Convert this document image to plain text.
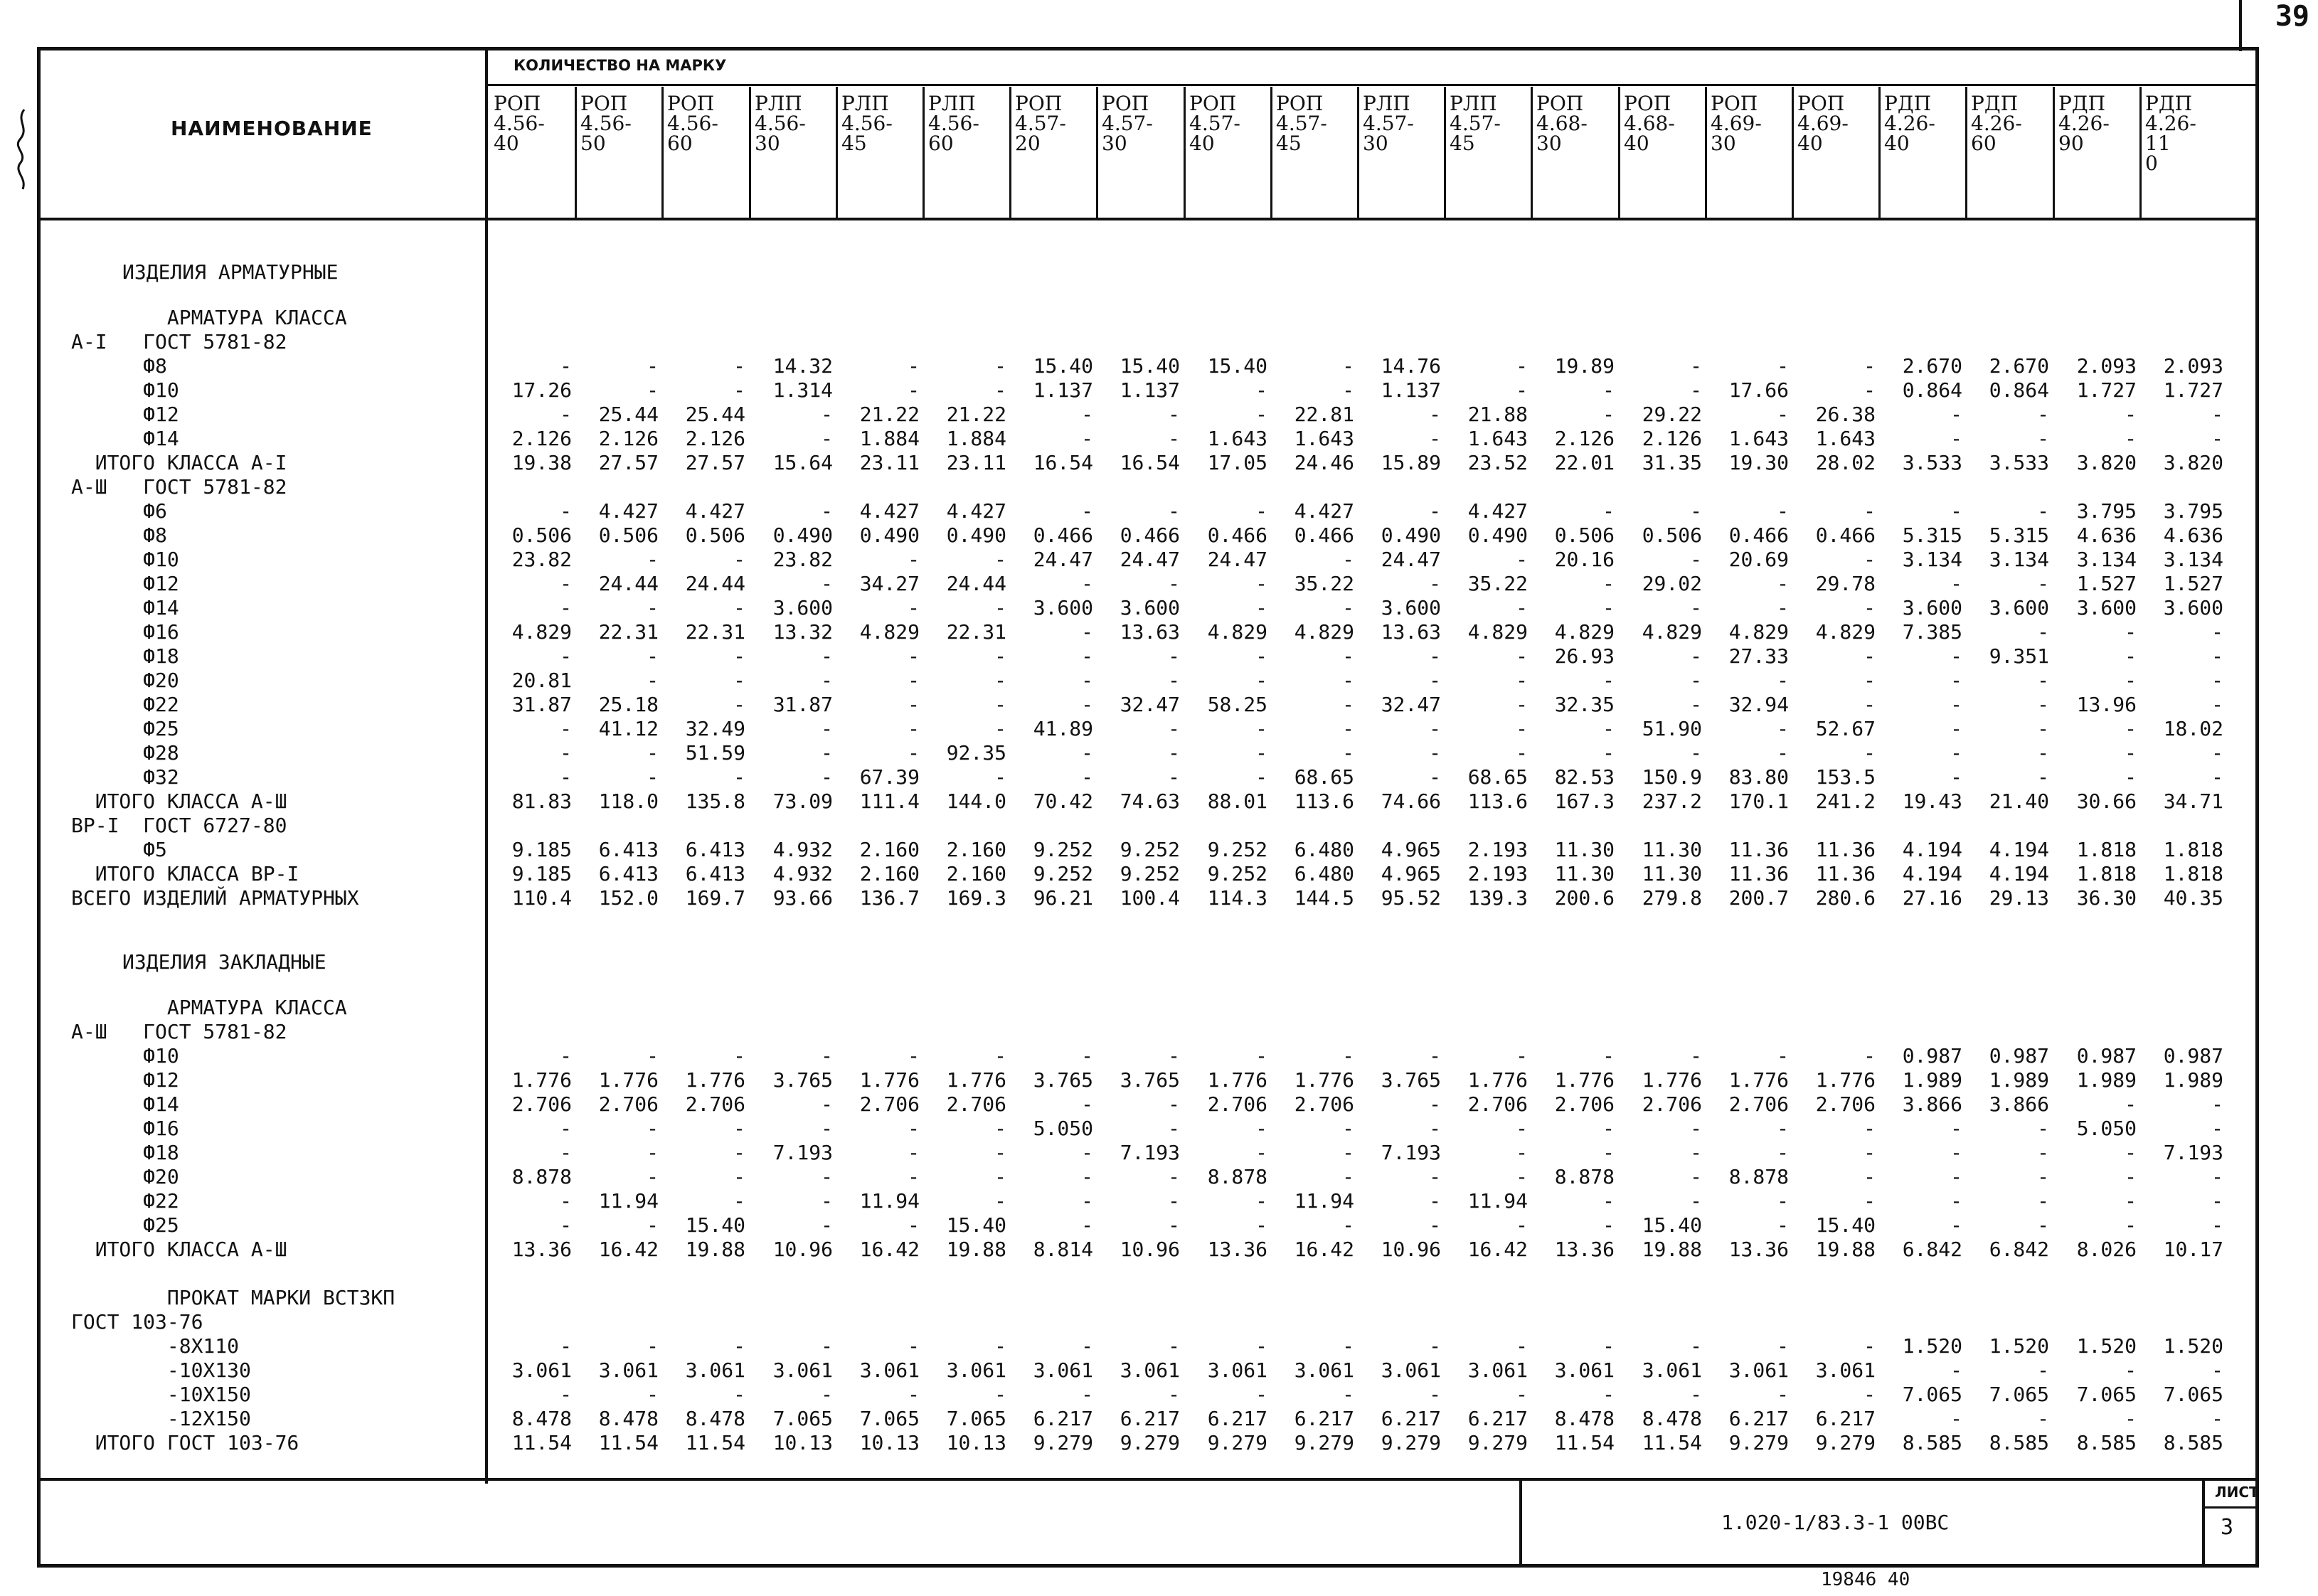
39
НАИМЕНОВАНИЕ
КОЛИЧЕСТВО НА МАРКУ
РОП
4.56-
40
РОП
4.56-
50
РОП
4.56-
60
РЛП
4.56-
30
РЛП
4.56-
45
РЛП
4.56-
60
РОП
4.57-
20
РОП
4.57-
30
РОП
4.57-
40
РОП
4.57-
45
РЛП
4.57-
30
РЛП
4.57-
45
РОП
4.68-
30
РОП
4.68-
40
РОП
4.69-
30
РОП
4.69-
40
РДП
4.26-
40
РДП
4.26-
60
РДП
4.26-
90
РДП
4.26-
11
0
ИЗДЕЛИЯ АРМАТУРНЫЕ
АРМАТУРА КЛАССА
А-I   ГОСТ 5781-82
Ф8	-	-	-	14.32	-	-	15.40	15.40	15.40	-	14.76	-	19.89	-	-	-	2.670	2.670	2.093	2.093
Ф10	17.26	-	-	1.314	-	-	1.137	1.137	-	-	1.137	-	-	-	17.66	-	0.864	0.864	1.727	1.727
Ф12	-	25.44	25.44	-	21.22	21.22	-	-	-	22.81	-	21.88	-	29.22	-	26.38	-	-	-	-
Ф14	2.126	2.126	2.126	-	1.884	1.884	-	-	1.643	1.643	-	1.643	2.126	2.126	1.643	1.643	-	-	-	-
ИТОГО КЛАССА А-I	19.38	27.57	27.57	15.64	23.11	23.11	16.54	16.54	17.05	24.46	15.89	23.52	22.01	31.35	19.30	28.02	3.533	3.533	3.820	3.820
А-Ш   ГОСТ 5781-82
Ф6	-	4.427	4.427	-	4.427	4.427	-	-	-	4.427	-	4.427	-	-	-	-	-	-	3.795	3.795
Ф8	0.506	0.506	0.506	0.490	0.490	0.490	0.466	0.466	0.466	0.466	0.490	0.490	0.506	0.506	0.466	0.466	5.315	5.315	4.636	4.636
Ф10	23.82	-	-	23.82	-	-	24.47	24.47	24.47	-	24.47	-	20.16	-	20.69	-	3.134	3.134	3.134	3.134
Ф12	-	24.44	24.44	-	34.27	24.44	-	-	-	35.22	-	35.22	-	29.02	-	29.78	-	-	1.527	1.527
Ф14	-	-	-	3.600	-	-	3.600	3.600	-	-	3.600	-	-	-	-	-	3.600	3.600	3.600	3.600
Ф16	4.829	22.31	22.31	13.32	4.829	22.31	-	13.63	4.829	4.829	13.63	4.829	4.829	4.829	4.829	4.829	7.385	-	-	-
Ф18	-	-	-	-	-	-	-	-	-	-	-	-	26.93	-	27.33	-	-	9.351	-	-
Ф20	20.81	-	-	-	-	-	-	-	-	-	-	-	-	-	-	-	-	-	-	-
Ф22	31.87	25.18	-	31.87	-	-	-	32.47	58.25	-	32.47	-	32.35	-	32.94	-	-	-	13.96	-
Ф25	-	41.12	32.49	-	-	-	41.89	-	-	-	-	-	-	51.90	-	52.67	-	-	-	18.02
Ф28	-	-	51.59	-	-	92.35	-	-	-	-	-	-	-	-	-	-	-	-	-	-
Ф32	-	-	-	-	67.39	-	-	-	-	68.65	-	68.65	82.53	150.9	83.80	153.5	-	-	-	-
ИТОГО КЛАССА А-Ш	81.83	118.0	135.8	73.09	111.4	144.0	70.42	74.63	88.01	113.6	74.66	113.6	167.3	237.2	170.1	241.2	19.43	21.40	30.66	34.71
ВР-I  ГОСТ 6727-80
Ф5	9.185	6.413	6.413	4.932	2.160	2.160	9.252	9.252	9.252	6.480	4.965	2.193	11.30	11.30	11.36	11.36	4.194	4.194	1.818	1.818
ИТОГО КЛАССА ВР-I	9.185	6.413	6.413	4.932	2.160	2.160	9.252	9.252	9.252	6.480	4.965	2.193	11.30	11.30	11.36	11.36	4.194	4.194	1.818	1.818
ВСЕГО ИЗДЕЛИЙ АРМАТУРНЫХ	110.4	152.0	169.7	93.66	136.7	169.3	96.21	100.4	114.3	144.5	95.52	139.3	200.6	279.8	200.7	280.6	27.16	29.13	36.30	40.35
ИЗДЕЛИЯ ЗАКЛАДНЫЕ
АРМАТУРА КЛАССА
А-Ш   ГОСТ 5781-82
Ф10	-	-	-	-	-	-	-	-	-	-	-	-	-	-	-	-	0.987	0.987	0.987	0.987
Ф12	1.776	1.776	1.776	3.765	1.776	1.776	3.765	3.765	1.776	1.776	3.765	1.776	1.776	1.776	1.776	1.776	1.989	1.989	1.989	1.989
Ф14	2.706	2.706	2.706	-	2.706	2.706	-	-	2.706	2.706	-	2.706	2.706	2.706	2.706	2.706	3.866	3.866	-	-
Ф16	-	-	-	-	-	-	5.050	-	-	-	-	-	-	-	-	-	-	-	5.050	-
Ф18	-	-	-	7.193	-	-	-	7.193	-	-	7.193	-	-	-	-	-	-	-	-	7.193
Ф20	8.878	-	-	-	-	-	-	-	8.878	-	-	-	8.878	-	8.878	-	-	-	-	-
Ф22	-	11.94	-	-	11.94	-	-	-	-	11.94	-	11.94	-	-	-	-	-	-	-	-
Ф25	-	-	15.40	-	-	15.40	-	-	-	-	-	-	-	15.40	-	15.40	-	-	-	-
ИТОГО КЛАССА А-Ш	13.36	16.42	19.88	10.96	16.42	19.88	8.814	10.96	13.36	16.42	10.96	16.42	13.36	19.88	13.36	19.88	6.842	6.842	8.026	10.17
ПРОКАТ МАРКИ ВСТЗКП
ГОСТ 103-76
-8Х110	-	-	-	-	-	-	-	-	-	-	-	-	-	-	-	-	1.520	1.520	1.520	1.520
-10Х130	3.061	3.061	3.061	3.061	3.061	3.061	3.061	3.061	3.061	3.061	3.061	3.061	3.061	3.061	3.061	3.061	-	-	-	-
-10Х150	-	-	-	-	-	-	-	-	-	-	-	-	-	-	-	-	7.065	7.065	7.065	7.065
-12Х150	8.478	8.478	8.478	7.065	7.065	7.065	6.217	6.217	6.217	6.217	6.217	6.217	8.478	8.478	6.217	6.217	-	-	-	-
ИТОГО ГОСТ 103-76	11.54	11.54	11.54	10.13	10.13	10.13	9.279	9.279	9.279	9.279	9.279	9.279	11.54	11.54	9.279	9.279	8.585	8.585	8.585	8.585
1.020-1/83.3-1 00ВС
ЛИСТ
3
19846 40
